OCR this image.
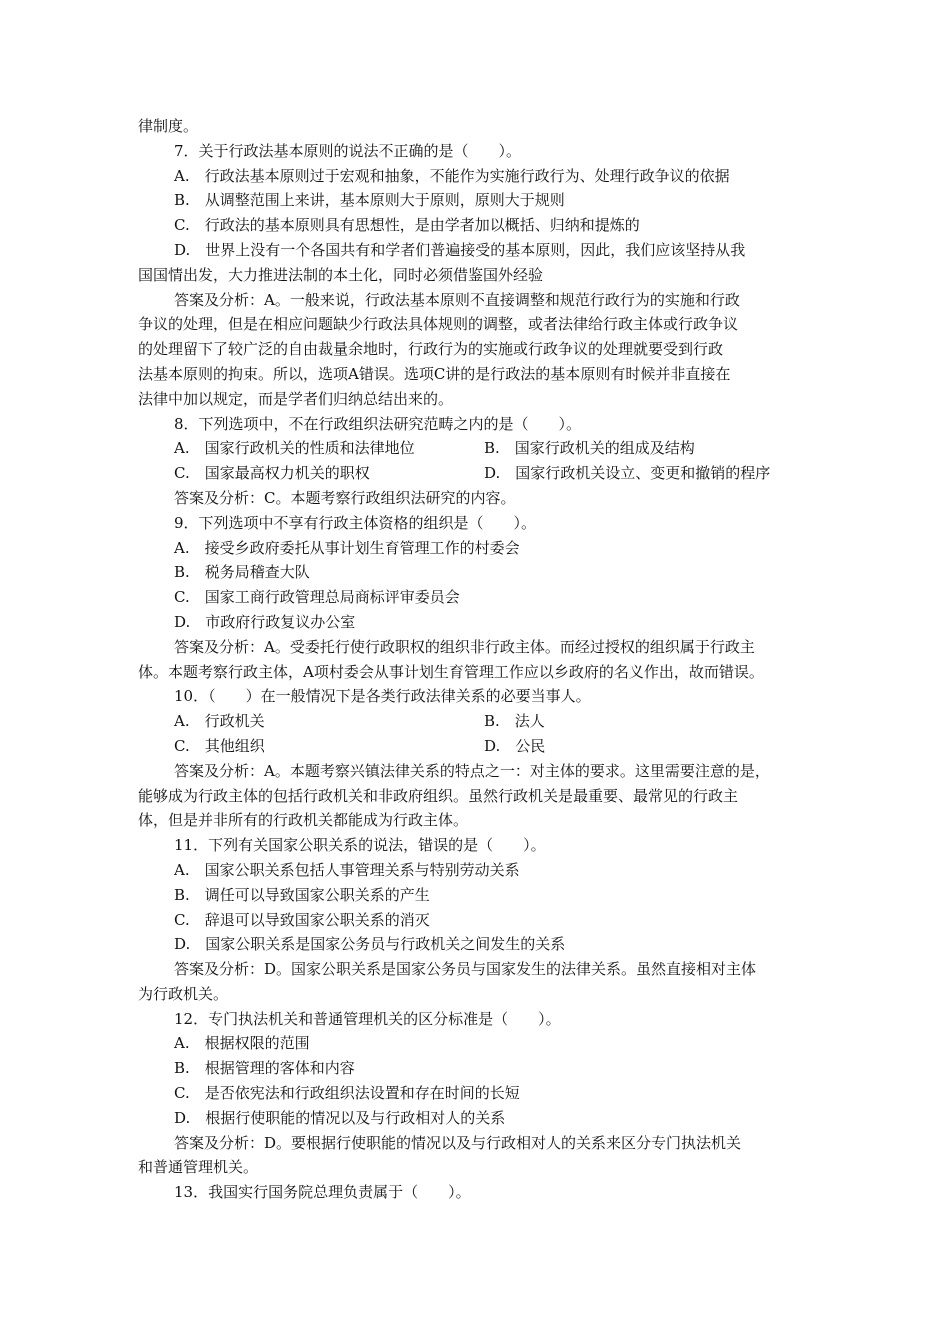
律制度。
7．关于行政法基本原则的说法不正确的是（　　）。
A.　行政法基本原则过于宏观和抽象，不能作为实施行政行为、处理行政争议的依据
B.　从调整范围上来讲，基本原则大于原则，原则大于规则
C.　行政法的基本原则具有思想性，是由学者加以概括、归纳和提炼的
D.　世界上没有一个各国共有和学者们普遍接受的基本原则，因此，我们应该坚持从我
国国情出发，大力推进法制的本土化，同时必须借鉴国外经验
答案及分析：A。一般来说，行政法基本原则不直接调整和规范行政行为的实施和行政
争议的处理，但是在相应问题缺少行政法具体规则的调整，或者法律给行政主体或行政争议
的处理留下了较广泛的自由裁量余地时，行政行为的实施或行政争议的处理就要受到行政
法基本原则的拘束。所以，选项A错误。选项C讲的是行政法的基本原则有时候并非直接在
法律中加以规定，而是学者们归纳总结出来的。
8．下列选项中，不在行政组织法研究范畴之内的是（　　）。
A.　国家行政机关的性质和法律地位	B.　国家行政机关的组成及结构
C.　国家最高权力机关的职权	D.　国家行政机关设立、变更和撤销的程序
答案及分析：C。本题考察行政组织法研究的内容。
9．下列选项中不享有行政主体资格的组织是（　　）。
A.　接受乡政府委托从事计划生育管理工作的村委会
B.　税务局稽查大队
C.　国家工商行政管理总局商标评审委员会
D.　市政府行政复议办公室
答案及分析：A。受委托行使行政职权的组织非行政主体。而经过授权的组织属于行政主
体。本题考察行政主体，A项村委会从事计划生育管理工作应以乡政府的名义作出，故而错误。
10．（　　）在一般情况下是各类行政法律关系的必要当事人。
A.　行政机关	B.　法人
C.　其他组织	D.　公民
答案及分析：A。本题考察兴镇法律关系的特点之一：对主体的要求。这里需要注意的是，
能够成为行政主体的包括行政机关和非政府组织。虽然行政机关是最重要、最常见的行政主
体，但是并非所有的行政机关都能成为行政主体。
11．下列有关国家公职关系的说法，错误的是（　　）。
A.　国家公职关系包括人事管理关系与特别劳动关系
B.　调任可以导致国家公职关系的产生
C.　辞退可以导致国家公职关系的消灭
D.　国家公职关系是国家公务员与行政机关之间发生的关系
答案及分析：D。国家公职关系是国家公务员与国家发生的法律关系。虽然直接相对主体
为行政机关。
12．专门执法机关和普通管理机关的区分标准是（　　）。
A.　根据权限的范围
B.　根据管理的客体和内容
C.　是否依宪法和行政组织法设置和存在时间的长短
D.　根据行使职能的情况以及与行政相对人的关系
答案及分析：D。要根据行使职能的情况以及与行政相对人的关系来区分专门执法机关
和普通管理机关。
13．我国实行国务院总理负责属于（　　）。
